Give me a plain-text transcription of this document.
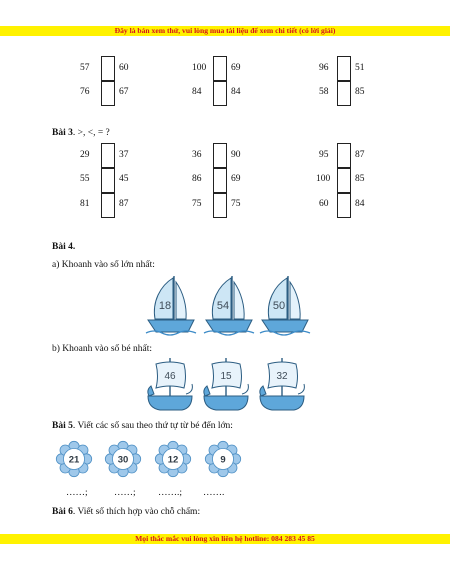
Đây là bản xem thử, vui lòng mua tài liệu để xem chi tiết (có lời giải)
57	60	100	69	96	51
76	67	84	84	58	85
Bài 3. >, <, = ?
29	37	36	90	95	87
55	45	86	69	100	85
81	87	75	75	60	84
Bài 4.
a) Khoanh vào số lớn nhất:
18	54	50
b) Khoanh vào số bé nhất:
46	15	32
Bài 5. Viết các số sau theo thứ tự từ bé đến lớn:
21	30	12	9
……;	……; …….; …….
Bài 6. Viết số thích hợp vào chỗ chấm:
Mọi thắc mắc vui lòng xin liên hệ hotline: 084 283 45 85
